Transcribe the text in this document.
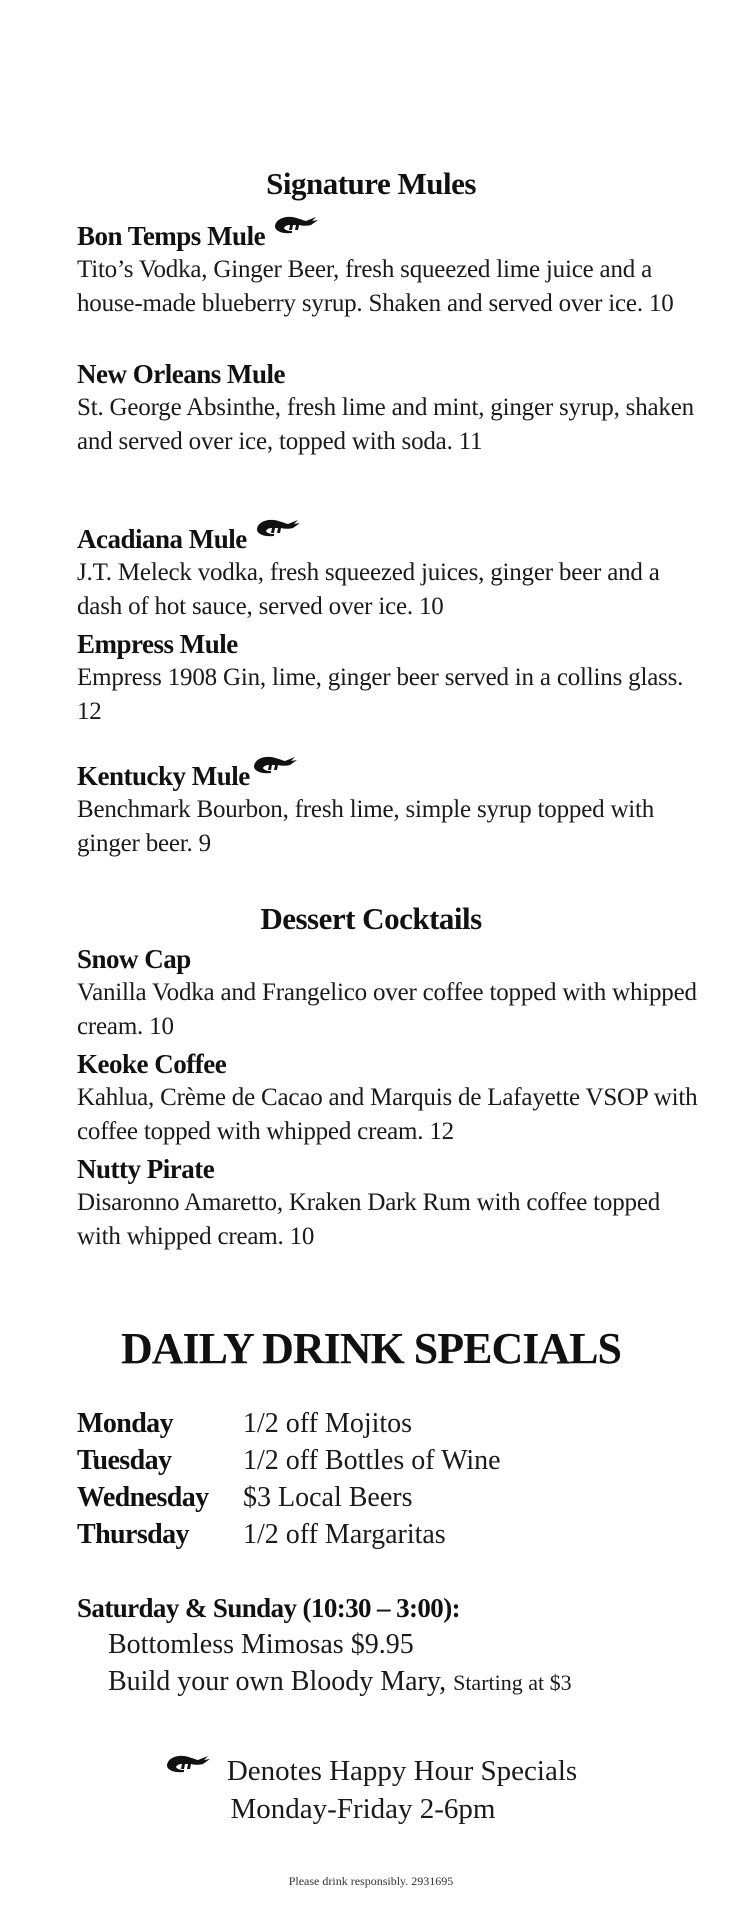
Signature Mules
Bon Temps Mule
Tito’s Vodka, Ginger Beer, fresh squeezed lime juice and a house-made blueberry syrup. Shaken and served over ice. 10
New Orleans Mule
St. George Absinthe, fresh lime and mint, ginger syrup, shaken and served over ice, topped with soda. 11
Acadiana Mule
J.T. Meleck vodka, fresh squeezed juices, ginger beer and a dash of hot sauce, served over ice. 10
Empress Mule
Empress 1908 Gin, lime, ginger beer served in a collins glass. 12
Kentucky Mule
Benchmark Bourbon, fresh lime, simple syrup topped with ginger beer. 9
Dessert Cocktails
Snow Cap
Vanilla Vodka and Frangelico over coffee topped with whipped cream. 10
Keoke Coffee
Kahlua, Crème de Cacao and Marquis de Lafayette VSOP with coffee topped with whipped cream. 12
Nutty Pirate
Disaronno Amaretto, Kraken Dark Rum with coffee topped with whipped cream. 10
DAILY DRINK SPECIALS
Monday	1/2 off Mojitos
Tuesday	1/2 off Bottles of Wine
Wednesday	$3 Local Beers
Thursday	1/2 off Margaritas
Saturday & Sunday (10:30 – 3:00):
Bottomless Mimosas $9.95
Build your own Bloody Mary, Starting at $3
Denotes Happy Hour Specials
Monday-Friday 2-6pm
Please drink responsibly. 2931695
